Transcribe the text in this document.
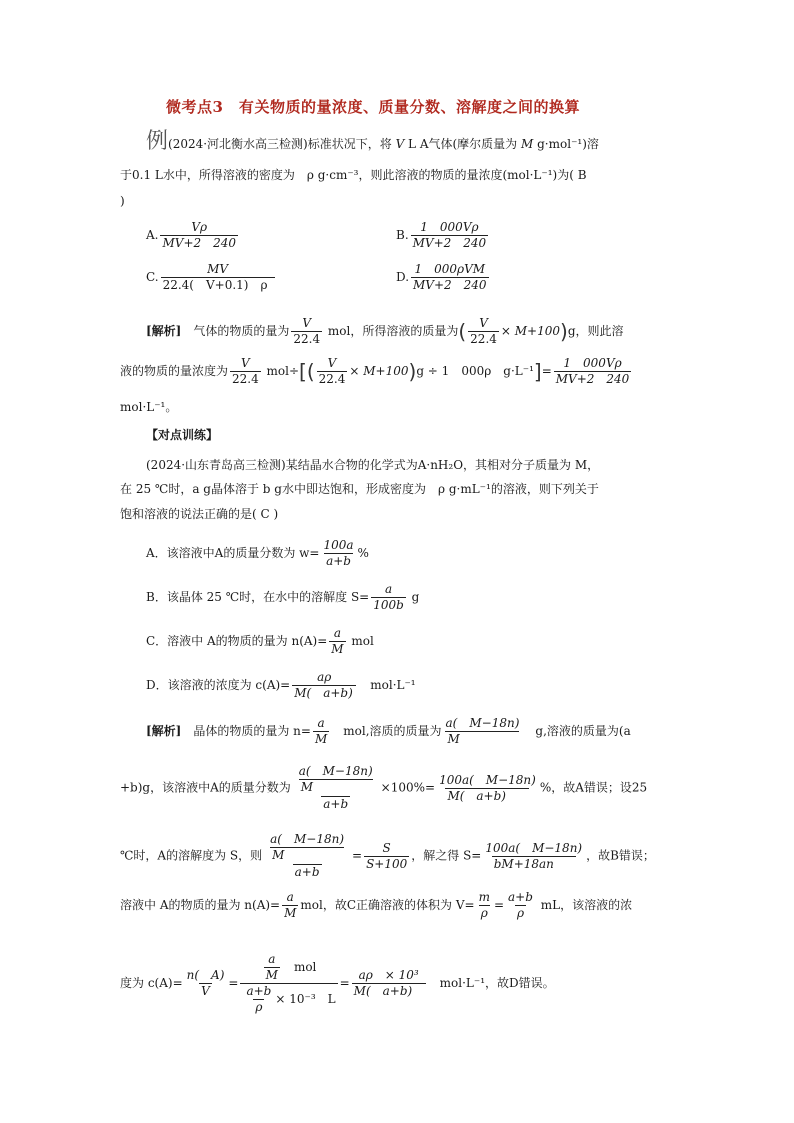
微考点3　有关物质的量浓度、质量分数、溶解度之间的换算
例(2024·河北衡水高三检测)标准状况下，将 V L A气体(摩尔质量为 M g·mol⁻¹)溶
于0.1 L水中，所得溶液的密度为　ρ g·cm⁻³，则此溶液的物质的量浓度(mol·L⁻¹)为( B
)
A. $\frac{V\rho}{MV+2 240}$	B. $\frac{1 000V\rho}{MV+2 240}$
C. $\frac{MV}{22.4( V+0.1) \rho}$	D. $\frac{\text{1　000ρVM}}{MV+2 240}$
[解析]　气体的物质的量为 $\frac{V}{22.4}$ mol，所得溶液的质量为( $\frac{V}{22.4} \times M+100)g$，则此溶
液的物质的量浓度为 $\frac{V}{22.4} mol\div[( \frac{V}{22.4} \times M+100)g \div 1$　000ρ　$g\cdot L^{-1}]= \frac{1 000V\rho}{MV+2 240}$
mol·L⁻¹。
【对点训练】
(2024·山东青岛高三检测)某结晶水合物的化学式为A·nH₂O，其相对分子质量为 M，
在 25 ℃时，a g晶体溶于 b g水中即达饱和，形成密度为　ρ g·mL⁻¹的溶液，则下列关于
饱和溶液的说法正确的是( C )
A．该溶液中A的质量分数为 $w= \frac{100a}{a+b}$ %
B．该晶体 25 ℃时，在水中的溶解度 $S= \frac{a}{100b}$ g
C．溶液中 A的物质的量为 $n(A)= \frac{a}{M}$ mol
D．该溶液的浓度为 $c(A)= \frac{a\rho}{M( a+b)}$ 　mol·L⁻¹
[解析]　晶体的物质的量为 $n= \frac{a}{M}$ 　mol,溶质的质量为 $\frac{a( M-18n)}{M}$ 　g,溶液的质量为(a
+b)g，该溶液中A的质量分数为 $\frac{\frac{a( M-18n)}{M}}{a+b} \times 100\%= \frac{100a( M-18n)}{M( a+b)}$ %，故A错误；设25
℃时，A的溶解度为 S，则 $\frac{\frac{a( M-18n)}{M}}{a+b} = \frac{S}{S+100}$ ，解之得 $S= \frac{100a( M-18n)}{bM+18an}$ ，故B错误；
溶液中 A的物质的量为 $n(A)= \frac{a}{M}$ mol，故C正确溶液的体积为 $V= \frac{m}{\rho} = \frac{a+b}{\rho}$ mL，该溶液的浓
度为 $c(A)= \frac{n( A)}{V} = \frac{\frac{a}{M} mol}{\frac{a+b}{\rho} \times 10^{-3} L} = \frac{\text{aρ　× 10³}}{M( a+b)}$ 　mol·L⁻¹，故D错误。
